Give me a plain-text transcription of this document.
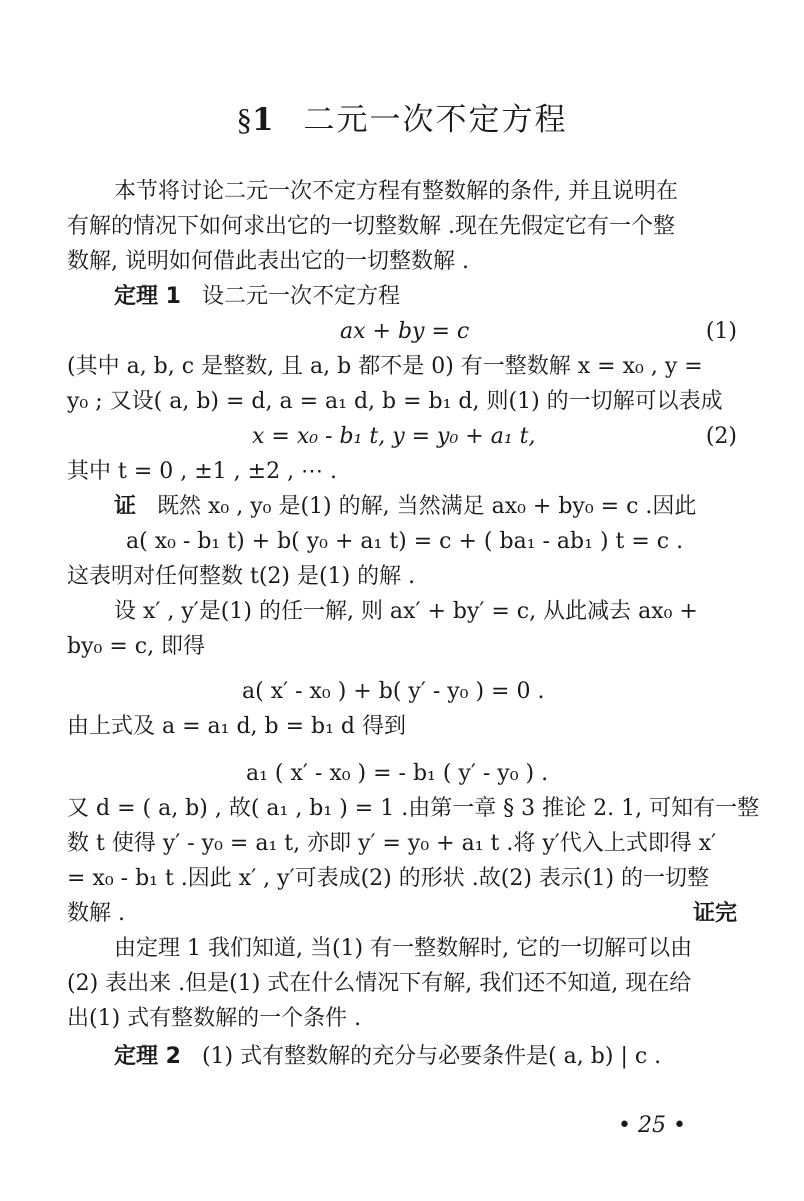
§1 二元一次不定方程
本节将讨论二元一次不定方程有整数解的条件, 并且说明在
有解的情况下如何求出它的一切整数解 .现在先假定它有一个整
数解, 说明如何借此表出它的一切整数解 .
定理 1 设二元一次不定方程
ax + by = c	(1)
(其中 a, b, c 是整数, 且 a, b 都不是 0) 有一整数解 x = x₀ , y =
y₀ ; 又设( a, b) = d, a = a₁ d, b = b₁ d, 则(1) 的一切解可以表成
x = x₀ - b₁ t, y = y₀ + a₁ t,	(2)
其中 t = 0 , ±1 , ±2 , ⋯ .
证 既然 x₀ , y₀ 是(1) 的解, 当然满足 ax₀ + by₀ = c .因此
a( x₀ - b₁ t) + b( y₀ + a₁ t) = c + ( ba₁ - ab₁ ) t = c .
这表明对任何整数 t(2) 是(1) 的解 .
设 x′ , y′是(1) 的任一解, 则 ax′ + by′ = c, 从此减去 ax₀ +
by₀ = c, 即得
a( x′ - x₀ ) + b( y′ - y₀ ) = 0 .
由上式及 a = a₁ d, b = b₁ d 得到
a₁ ( x′ - x₀ ) = - b₁ ( y′ - y₀ ) .
又 d = ( a, b) , 故( a₁ , b₁ ) = 1 .由第一章 § 3 推论 2. 1, 可知有一整
数 t 使得 y′ - y₀ = a₁ t, 亦即 y′ = y₀ + a₁ t .将 y′代入上式即得 x′
= x₀ - b₁ t .因此 x′ , y′可表成(2) 的形状 .故(2) 表示(1) 的一切整
数解 .	证完
由定理 1 我们知道, 当(1) 有一整数解时, 它的一切解可以由
(2) 表出来 .但是(1) 式在什么情况下有解, 我们还不知道, 现在给
出(1) 式有整数解的一个条件 .
定理 2 (1) 式有整数解的充分与必要条件是( a, b) | c .
• 25 •
